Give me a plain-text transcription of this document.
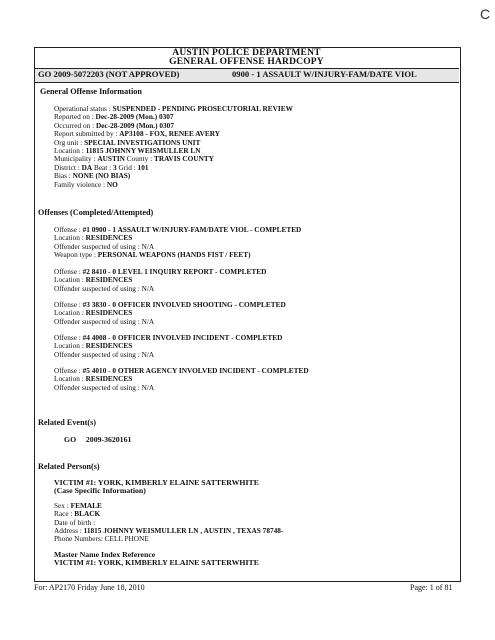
C
AUSTIN POLICE DEPARTMENT
GENERAL OFFENSE HARDCOPY
GO 2009-5072203 (NOT APPROVED)	0900 - 1 ASSAULT W/INJURY-FAM/DATE VIOL
General Offense Information
Operational status : SUSPENDED - PENDING PROSECUTORIAL REVIEW
Reported on : Dec-28-2009 (Mon.) 0307
Occurred on : Dec-28-2009 (Mon.) 0307
Report submitted by : AP3108 - FOX, RENEE AVERY
Org unit : SPECIAL INVESTIGATIONS UNIT
Location : 11815 JOHNNY WEISMULLER LN
Municipality : AUSTIN County : TRAVIS COUNTY
District : DA Beat : 3 Grid : 101
Bias : NONE (NO BIAS)
Family violence : NO
Offenses (Completed/Attempted)
Offense : #1 0900 - 1 ASSAULT W/INJURY-FAM/DATE VIOL - COMPLETED
Location : RESIDENCES
Offender suspected of using : N/A
Weapon type : PERSONAL WEAPONS (HANDS FIST / FEET)
Offense : #2 8410 - 0 LEVEL 1 INQUIRY REPORT - COMPLETED
Location : RESIDENCES
Offender suspected of using : N/A
Offense : #3 3830 - 0 OFFICER INVOLVED SHOOTING - COMPLETED
Location : RESIDENCES
Offender suspected of using : N/A
Offense : #4 4008 - 0 OFFICER INVOLVED INCIDENT - COMPLETED
Location : RESIDENCES
Offender suspected of using : N/A
Offense : #5 4010 - 0 OTHER AGENCY INVOLVED INCIDENT - COMPLETED
Location : RESIDENCES
Offender suspected of using : N/A
Related Event(s)
GO 2009-3620161
Related Person(s)
VICTIM #1: YORK, KIMBERLY ELAINE SATTERWHITE
(Case Specific Information)
Sex : FEMALE
Race : BLACK
Date of birth :
Address : 11815 JOHNNY WEISMULLER LN , AUSTIN , TEXAS 78748-
Phone Numbers: CELL PHONE
Master Name Index Reference
VICTIM #1: YORK, KIMBERLY ELAINE SATTERWHITE
For: AP2170 Friday June 18, 2010	Page: 1 of 81
